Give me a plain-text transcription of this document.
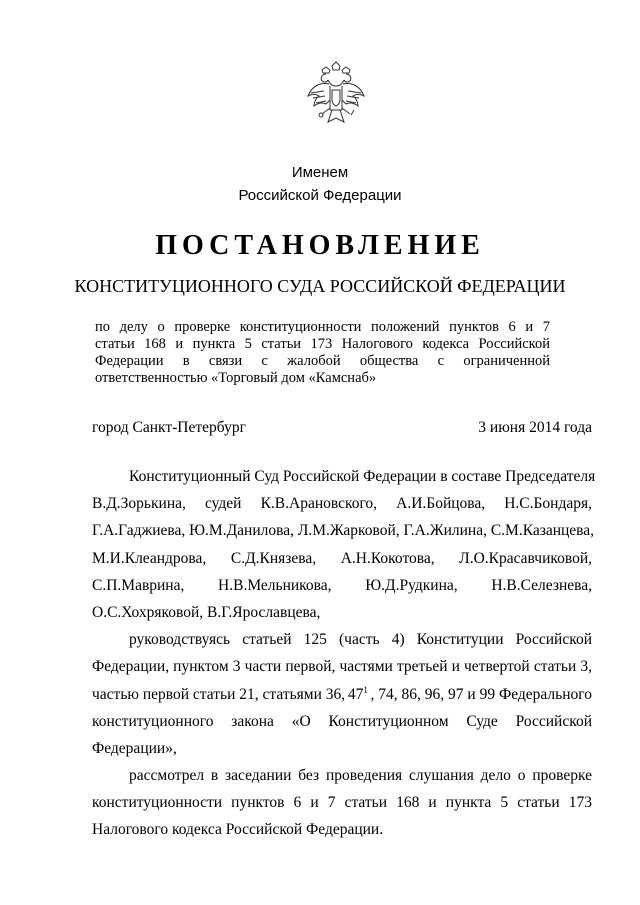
Именем
Российской Федерации
ПОСТАНОВЛЕНИЕ
КОНСТИТУЦИОННОГО СУДА РОССИЙСКОЙ ФЕДЕРАЦИИ
по делу о проверке конституционности положений пунктов 6 и 7
статьи 168 и пункта 5 статьи 173 Налогового кодекса Российской
Федерации в связи с жалобой общества с ограниченной
ответственностью «Торговый дом «Камснаб»
город Санкт-Петербург	3 июня 2014 года
Конституционный Суд Российской Федерации в составе Председателя
В.Д.Зорькина, судей К.В.Арановского, А.И.Бойцова, Н.С.Бондаря,
Г.А.Гаджиева, Ю.М.Данилова, Л.М.Жарковой, Г.А.Жилина, С.М.Казанцева,
М.И.Клеандрова, С.Д.Князева, А.Н.Кокотова, Л.О.Красавчиковой,
С.П.Маврина, Н.В.Мельникова, Ю.Д.Рудкина, Н.В.Селезнева,
О.С.Хохряковой, В.Г.Ярославцева,
руководствуясь статьей 125 (часть 4) Конституции Российской
Федерации, пунктом 3 части первой, частями третьей и четвертой статьи 3,
частью первой статьи 21, статьями 36, $47^1$ , 74, 86, 96, 97 и 99 Федерального
конституционного закона «О Конституционном Суде Российской
Федерации»,
рассмотрел в заседании без проведения слушания дело о проверке
конституционности пунктов 6 и 7 статьи 168 и пункта 5 статьи 173
Налогового кодекса Российской Федерации.
